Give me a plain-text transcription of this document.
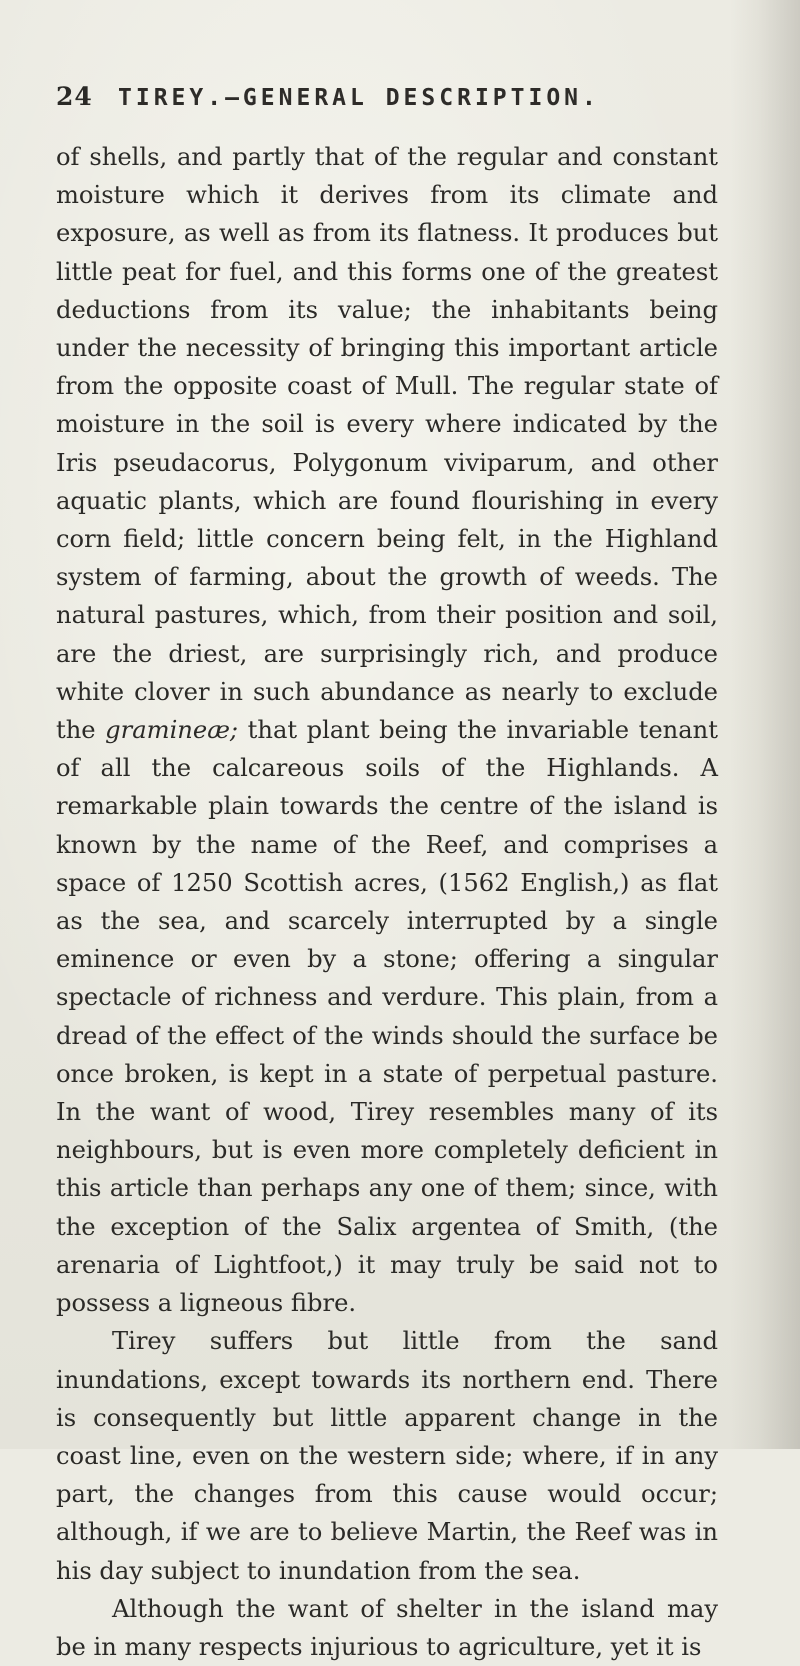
24	TIREY.—GENERAL DESCRIPTION.

of shells, and partly that of the regular and constant moisture which it derives from its climate and exposure, as well as from its flatness. It produces but little peat for fuel, and this forms one of the greatest deductions from its value; the inhabitants being under the necessity of bringing this important article from the opposite coast of Mull. The regular state of moisture in the soil is every where indicated by the Iris pseudacorus, Polygonum viviparum, and other aquatic plants, which are found flourishing in every corn field; little concern being felt, in the Highland system of farming, about the growth of weeds. The natural pastures, which, from their position and soil, are the driest, are surprisingly rich, and produce white clover in such abundance as nearly to exclude the gramineæ; that plant being the invariable tenant of all the calcareous soils of the Highlands. A remarkable plain towards the centre of the island is known by the name of the Reef, and comprises a space of 1250 Scottish acres, (1562 English,) as flat as the sea, and scarcely interrupted by a single eminence or even by a stone; offering a singular spectacle of richness and verdure. This plain, from a dread of the effect of the winds should the surface be once broken, is kept in a state of perpetual pasture. In the want of wood, Tirey resembles many of its neighbours, but is even more completely deficient in this article than perhaps any one of them; since, with the exception of the Salix argentea of Smith, (the arenaria of Lightfoot,) it may truly be said not to possess a ligneous fibre.

Tirey suffers but little from the sand inundations, except towards its northern end. There is consequently but little apparent change in the coast line, even on the western side; where, if in any part, the changes from this cause would occur; although, if we are to believe Martin, the Reef was in his day subject to inundation from the sea.

Although the want of shelter in the island may be in many respects injurious to agriculture, yet it is
